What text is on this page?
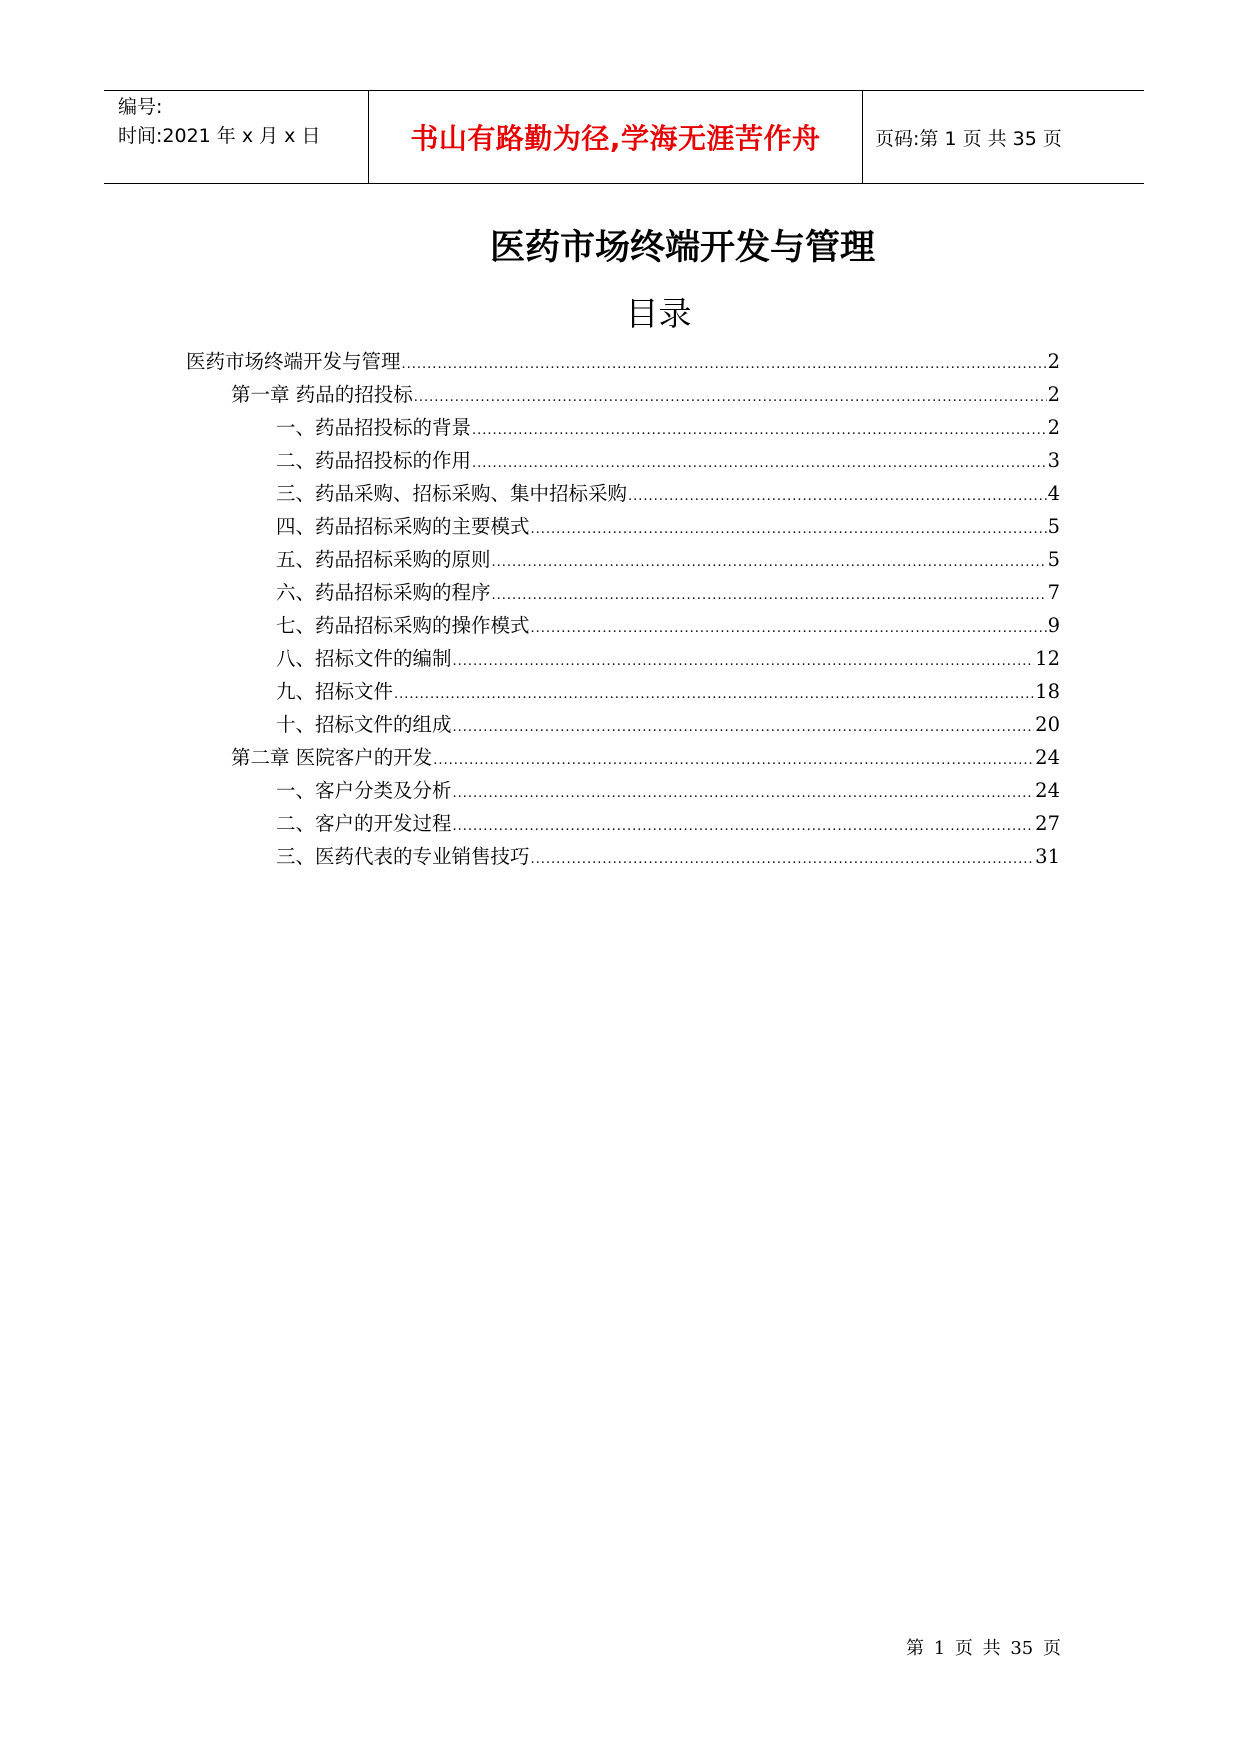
编号:
时间:2021 年 x 月 x 日	书山有路勤为径,学海无涯苦作舟	页码:第 1 页 共 35 页
医药市场终端开发与管理
目录
医药市场终端开发与管理 .....	2
第一章 药品的招投标 .....	2
一、药品招投标的背景 .....	2
二、药品招投标的作用 .....	3
三、药品采购、招标采购、集中招标采购 .....	4
四、药品招标采购的主要模式 .....	5
五、药品招标采购的原则 .....	5
六、药品招标采购的程序 .....	7
七、药品招标采购的操作模式 .....	9
八、招标文件的编制 .....	12
九、招标文件 .....	18
十、招标文件的组成 .....	20
第二章 医院客户的开发 .....	24
一、客户分类及分析 .....	24
二、客户的开发过程 .....	27
三、医药代表的专业销售技巧 .....	31
第 1 页 共 35 页
